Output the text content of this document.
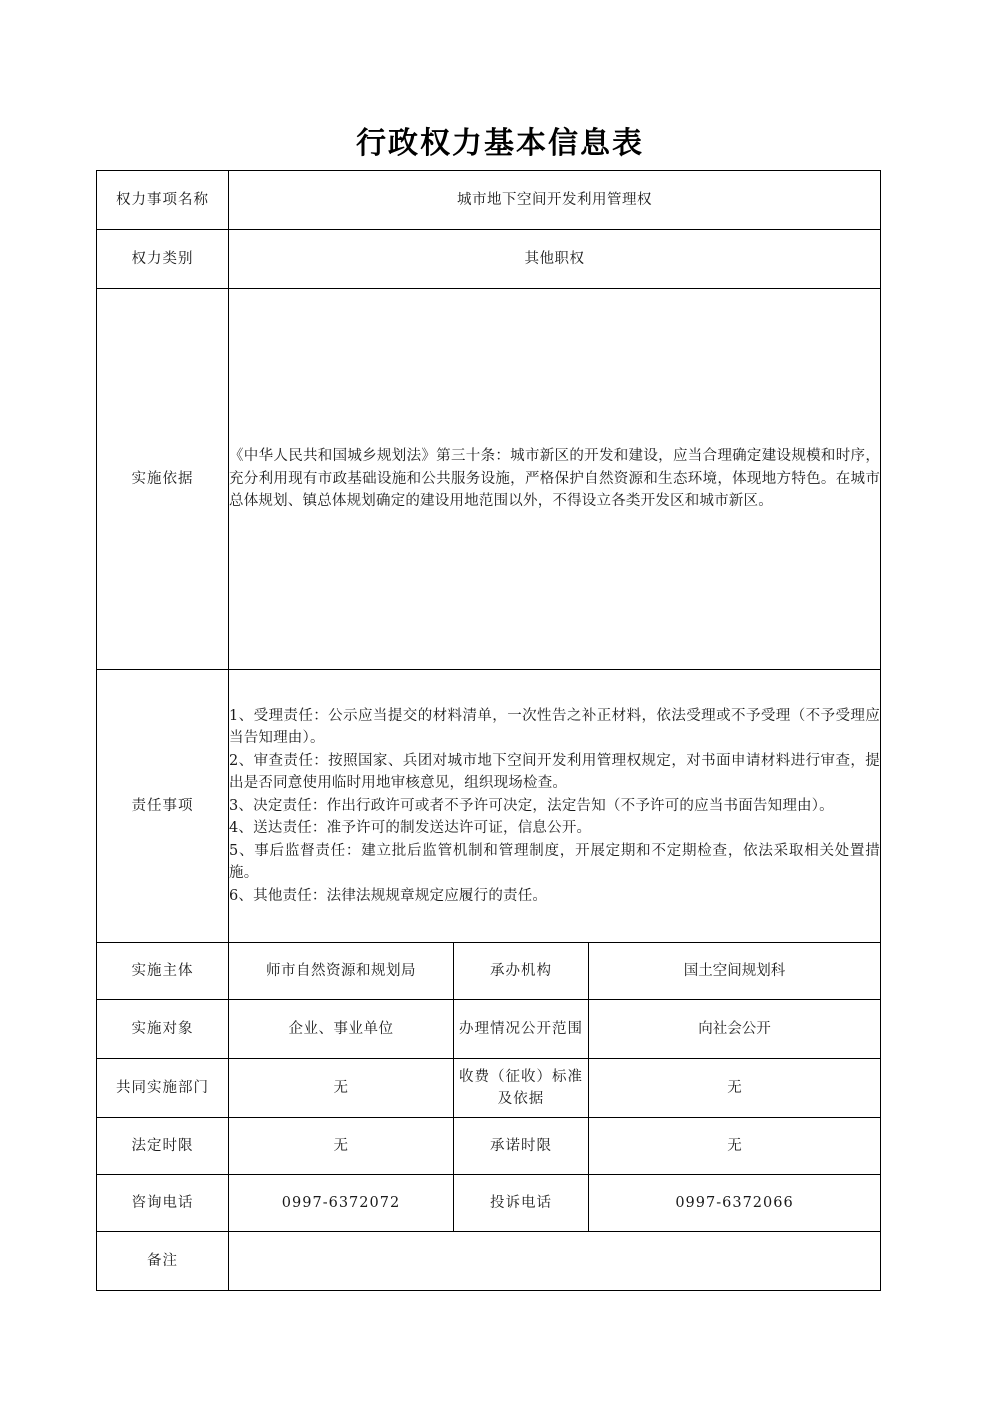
行政权力基本信息表
权力事项名称	城市地下空间开发利用管理权		
权力类别	其他职权		
实施依据	《中华人民共和国城乡规划法》第三十条：城市新区的开发和建设，应当合理确定建设规模和时序，充分利用现有市政基础设施和公共服务设施，严格保护自然资源和生态环境，体现地方特色。在城市总体规划、镇总体规划确定的建设用地范围以外，不得设立各类开发区和城市新区。		

责任事项	

1、受理责任：公示应当提交的材料清单，一次性告之补正材料，依法受理或不予受理（不予受理应当告知理由）。

2、审查责任：按照国家、兵团对城市地下空间开发利用管理权规定，对书面申请材料进行审查，提出是否同意使用临时用地审核意见，组织现场检查。

3、决定责任：作出行政许可或者不予许可决定，法定告知（不予许可的应当书面告知理由）。

4、送达责任：准予许可的制发送达许可证，信息公开。

5、事后监督责任：建立批后监管机制和管理制度，开展定期和不定期检查，依法采取相关处置措施。

6、其他责任：法律法规规章规定应履行的责任。

实施主体	师市自然资源和规划局	承办机构	国土空间规划科
实施对象	企业、事业单位	办理情况公开范围	向社会公开
共同实施部门	无	收费（征收）标准及依据	无
法定时限	无	承诺时限	无
咨询电话	0997-6372072	投诉电话	0997-6372066
备注			
